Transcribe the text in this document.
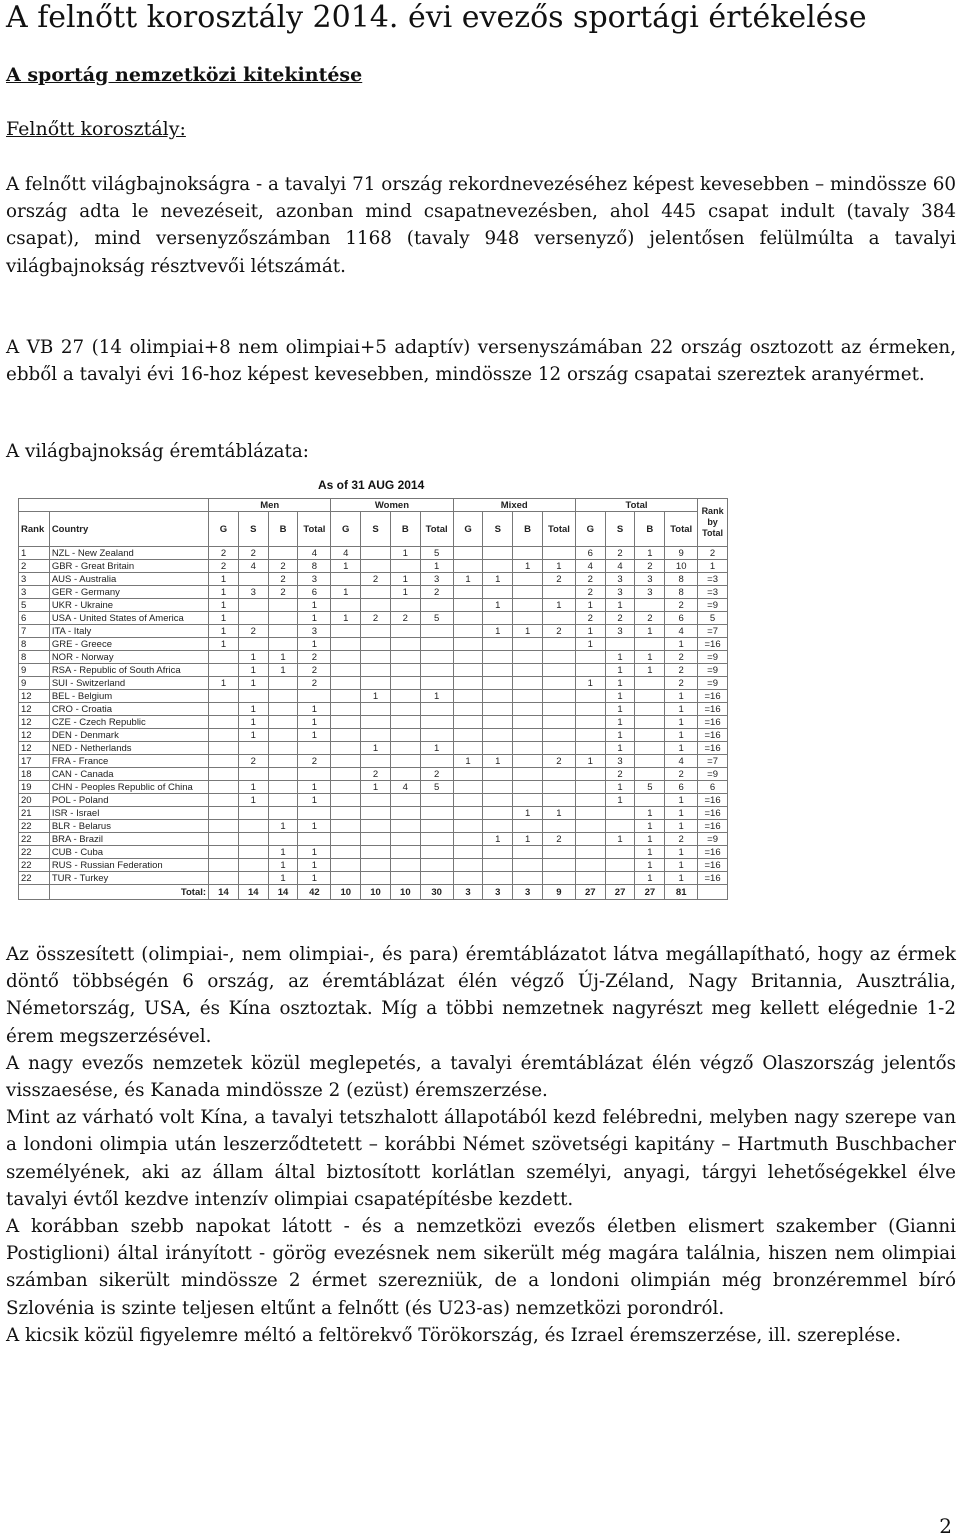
A felnőtt korosztály 2014. évi evezős sportági értékelése
A sportág nemzetközi kitekintése
Felnőtt korosztály:
A felnőtt világbajnokságra - a tavalyi 71 ország rekordnevezéséhez képest kevesebben – mindössze 60 ország adta le nevezéseit, azonban mind csapatnevezésben, ahol 445 csapat indult (tavaly 384 csapat), mind versenyzőszámban 1168 (tavaly 948 versenyző) jelentősen felülmúlta a tavalyi világbajnokság résztvevői létszámát.
A VB 27 (14 olimpiai+8 nem olimpiai+5 adaptív) versenyszámában 22 ország osztozott az érmeken, ebből a tavalyi évi 16-hoz képest kevesebben, mindössze 12 ország csapatai szereztek aranyérmet.
A világbajnokság éremtáblázata:
As of 31 AUG 2014
		Men				Women				Mixed				Total				Rank by Total
Rank	Country	G	S	B	Total	G	S	B	Total	G	S	B	Total	G	S	B	Total	
1	NZL - New Zealand	2	2		4	4		1	5					6	2	1	9	2
2	GBR - Great Britain	2	4	2	8	1			1			1	1	4	4	2	10	1
3	AUS - Australia	1		2	3		2	1	3	1	1		2	2	3	3	8	=3
3	GER - Germany	1	3	2	6	1		1	2					2	3	3	8	=3
5	UKR - Ukraine	1			1						1		1	1	1		2	=9
6	USA - United States of America	1			1	1	2	2	5					2	2	2	6	5
7	ITA - Italy	1	2		3						1	1	2	1	3	1	4	=7
8	GRE - Greece	1			1									1			1	=16
8	NOR - Norway		1	1	2										1	1	2	=9
9	RSA - Republic of South Africa		1	1	2										1	1	2	=9
9	SUI - Switzerland	1	1		2									1	1		2	=9
12	BEL - Belgium						1		1						1		1	=16
12	CRO - Croatia		1		1										1		1	=16
12	CZE - Czech Republic		1		1										1		1	=16
12	DEN - Denmark		1		1										1		1	=16
12	NED - Netherlands						1		1						1		1	=16
17	FRA - France		2		2					1	1		2	1	3		4	=7
18	CAN - Canada						2		2						2		2	=9
19	CHN - Peoples Republic of China		1		1		1	4	5						1	5	6	6
20	POL - Poland		1		1										1		1	=16
21	ISR - Israel											1	1			1	1	=16
22	BLR - Belarus			1	1											1	1	=16
22	BRA - Brazil										1	1	2		1	1	2	=9
22	CUB - Cuba			1	1											1	1	=16
22	RUS - Russian Federation			1	1											1	1	=16
22	TUR - Turkey			1	1											1	1	=16
	Total:	14	14	14	42	10	10	10	30	3	3	3	9	27	27	27	81	
Az összesített (olimpiai-, nem olimpiai-, és para) éremtáblázatot látva megállapítható, hogy az érmek döntő többségén 6 ország, az éremtáblázat élén végző Új-Zéland, Nagy Britannia, Ausztrália, Németország, USA, és Kína osztoztak. Míg a többi nemzetnek nagyrészt meg kellett elégednie 1-2 érem megszerzésével.
A nagy evezős nemzetek közül meglepetés, a tavalyi éremtáblázat élén végző Olaszország jelentős visszaesése, és Kanada mindössze 2 (ezüst) éremszerzése.
Mint az várható volt Kína, a tavalyi tetszhalott állapotából kezd felébredni, melyben nagy szerepe van a londoni olimpia után leszerződtetett – korábbi Német szövetségi kapitány – Hartmuth Buschbacher személyének, aki az állam által biztosított korlátlan személyi, anyagi, tárgyi lehetőségekkel élve tavalyi évtől kezdve intenzív olimpiai csapatépítésbe kezdett.
A korábban szebb napokat látott - és a nemzetközi evezős életben elismert szakember (Gianni Postiglioni) által irányított - görög evezésnek nem sikerült még magára találnia, hiszen nem olimpiai számban sikerült mindössze 2 érmet szerezniük, de a londoni olimpián még bronzéremmel bíró Szlovénia is szinte teljesen eltűnt a felnőtt (és U23-as) nemzetközi porondról.
A kicsik közül figyelemre méltó a feltörekvő Törökország, és Izrael éremszerzése, ill. szereplése.
2
